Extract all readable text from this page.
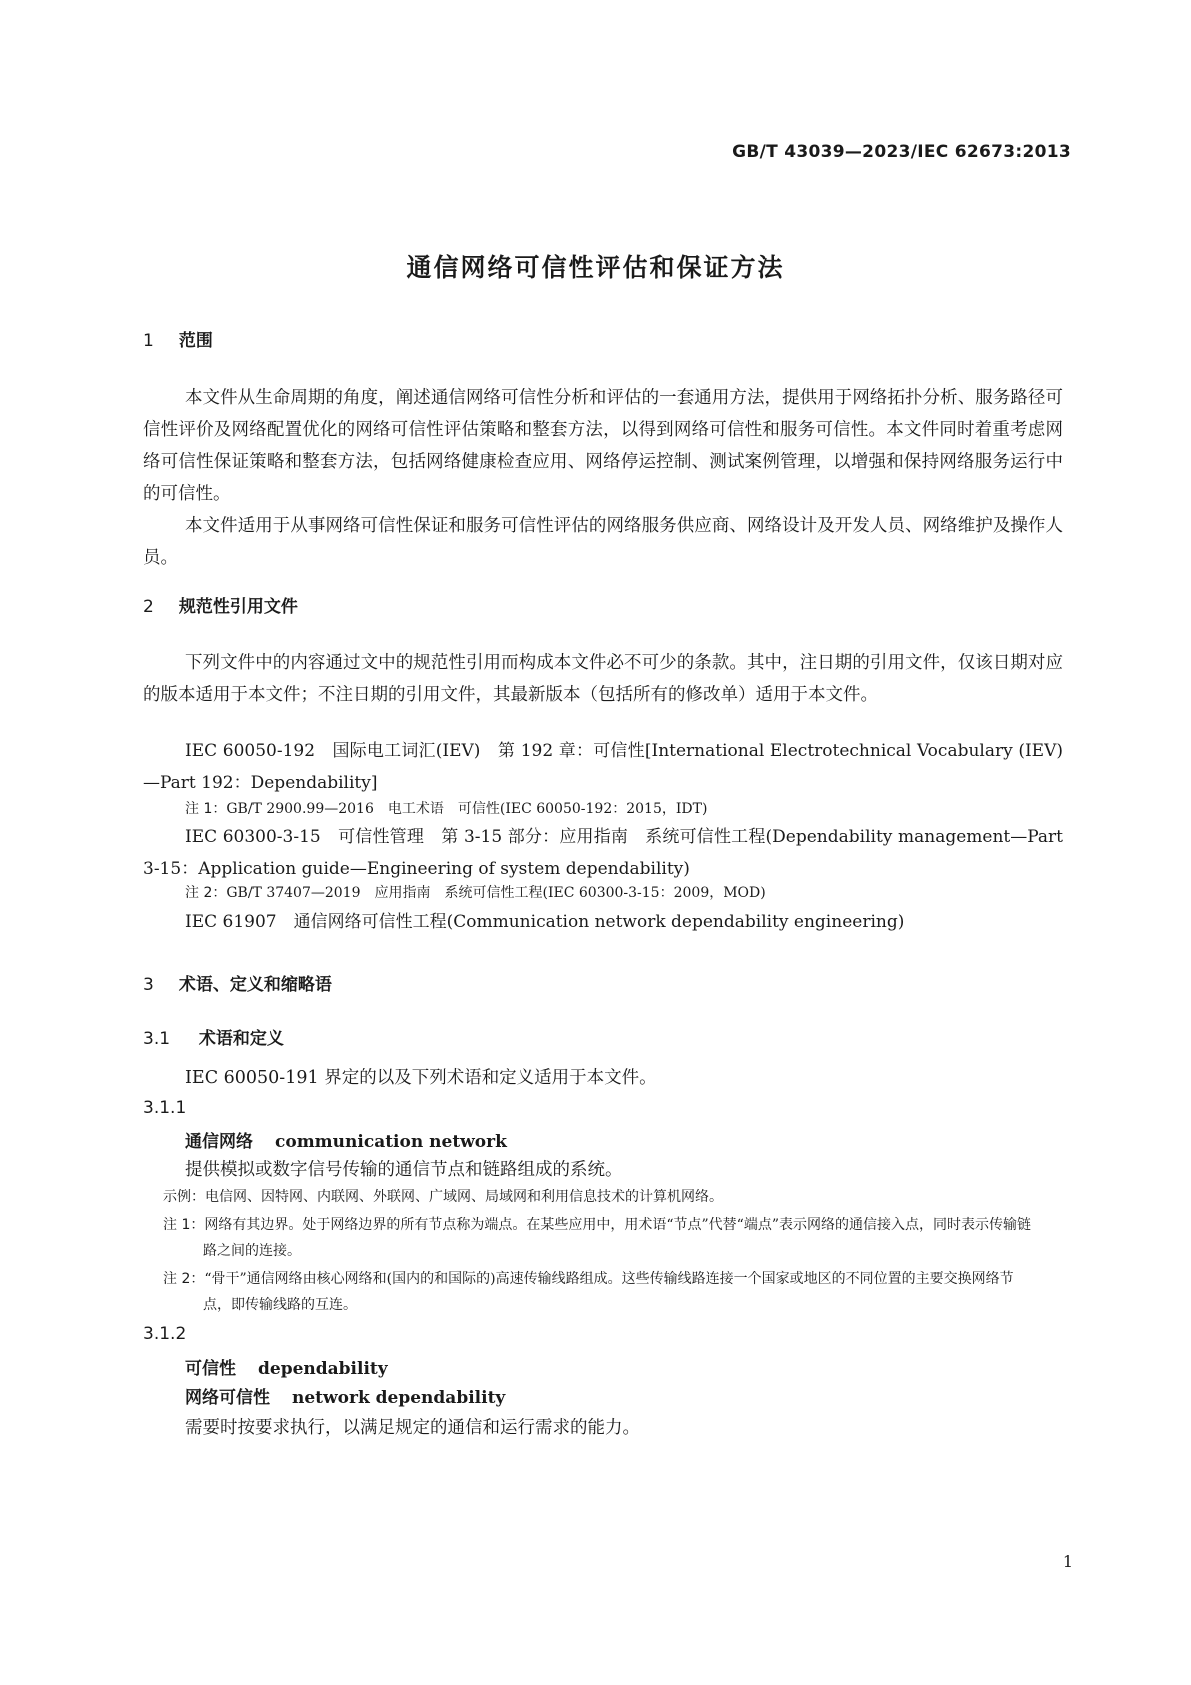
GB/T 43039—2023/IEC 62673:2013
通信网络可信性评估和保证方法
1 范围
本文件从生命周期的角度，阐述通信网络可信性分析和评估的一套通用方法，提供用于网络拓扑分析、服务路径可信性评价及网络配置优化的网络可信性评估策略和整套方法，以得到网络可信性和服务可信性。本文件同时着重考虑网络可信性保证策略和整套方法，包括网络健康检查应用、网络停运控制、测试案例管理，以增强和保持网络服务运行中的可信性。
本文件适用于从事网络可信性保证和服务可信性评估的网络服务供应商、网络设计及开发人员、网络维护及操作人员。
2 规范性引用文件
下列文件中的内容通过文中的规范性引用而构成本文件必不可少的条款。其中，注日期的引用文件，仅该日期对应的版本适用于本文件；不注日期的引用文件，其最新版本（包括所有的修改单）适用于本文件。
IEC 60050-192　国际电工词汇(IEV)　第 192 章：可信性[International Electrotechnical Vocabulary (IEV)—Part 192：Dependability]
注 1：GB/T 2900.99—2016　电工术语　可信性(IEC 60050-192：2015，IDT)
IEC 60300-3-15　可信性管理　第 3-15 部分：应用指南　系统可信性工程(Dependability management—Part 3-15：Application guide—Engineering of system dependability)
注 2：GB/T 37407—2019　应用指南　系统可信性工程(IEC 60300-3-15：2009，MOD)
IEC 61907　通信网络可信性工程(Communication network dependability engineering)
3 术语、定义和缩略语
3.1 术语和定义
IEC 60050-191 界定的以及下列术语和定义适用于本文件。
3.1.1
通信网络 communication network
提供模拟或数字信号传输的通信节点和链路组成的系统。
示例：电信网、因特网、内联网、外联网、广域网、局域网和利用信息技术的计算机网络。
注 1：网络有其边界。处于网络边界的所有节点称为端点。在某些应用中，用术语“节点”代替“端点”表示网络的通信接入点，同时表示传输链路之间的连接。
注 2：“骨干”通信网络由核心网络和(国内的和国际的)高速传输线路组成。这些传输线路连接一个国家或地区的不同位置的主要交换网络节点，即传输线路的互连。
3.1.2
可信性 dependability
网络可信性 network dependability
需要时按要求执行，以满足规定的通信和运行需求的能力。
1
